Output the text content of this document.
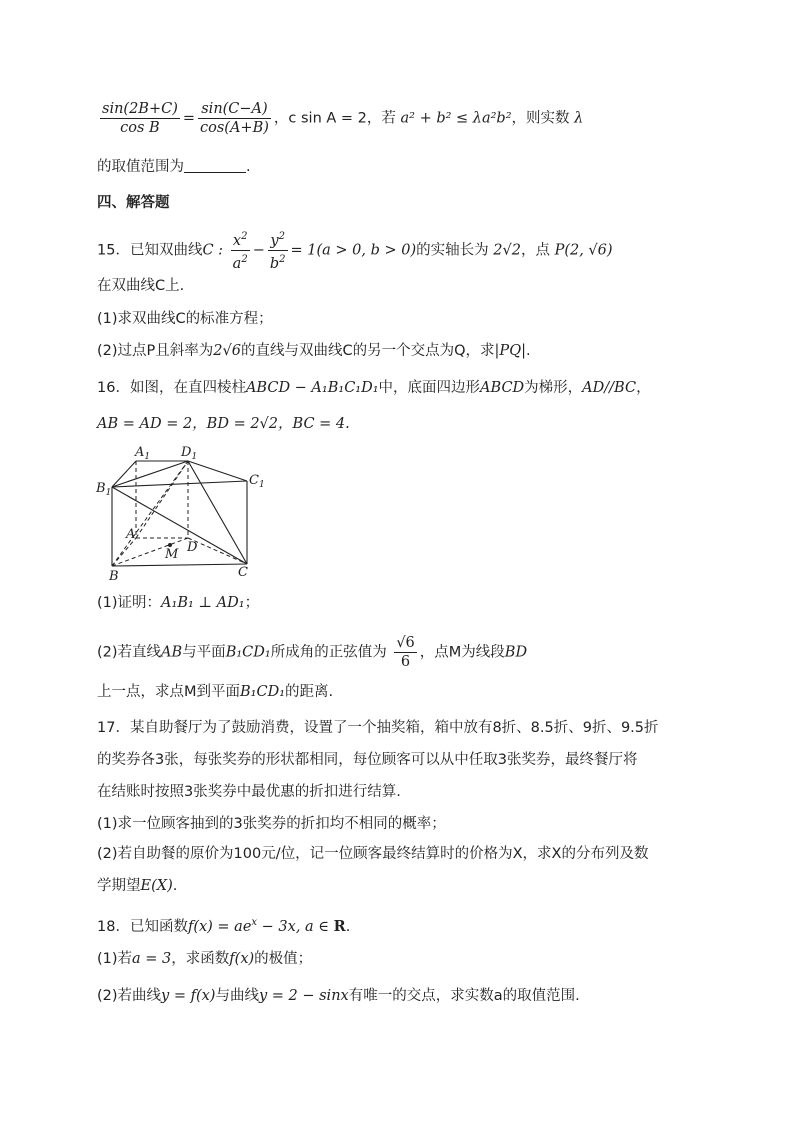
$\frac{\sin(2B+C)}{\text{cos B}} = \frac{\sin(C-A)}{\cos(A+B)}$ ，c sin A = 2，若 a² + b² ≤ λa²b²，则实数 λ
的取值范围为	.
四、解答题
15．已知双曲线C : $\frac{x^2}{a^2} - \frac{y^2}{b^2} = 1(a > 0$, b > 0)的实轴长为 2√2，点 P(2, √6)
在双曲线C上.
(1)求双曲线C的标准方程；
(2)过点P且斜率为2√6的直线与双曲线C的另一个交点为Q，求|PQ|.
16．如图，在直四棱柱ABCD − A₁B₁C₁D₁中，底面四边形ABCD为梯形，AD//BC，
AB = AD = 2，BD = 2√2，BC = 4.
$A_1$ $D_1$
$B_1$
$C_1$
A
D
M
B	C
(1)证明：A₁B₁ ⊥ AD₁；
(2)若直线AB与平面B₁CD₁所成角的正弦值为 $\frac{√6}{6}$ ，点M为线段BD
上一点，求点M到平面B₁CD₁的距离.
17．某自助餐厅为了鼓励消费，设置了一个抽奖箱，箱中放有8折、8.5折、9折、9.5折
的奖券各3张，每张奖券的形状都相同，每位顾客可以从中任取3张奖券，最终餐厅将
在结账时按照3张奖券中最优惠的折扣进行结算.
(1)求一位顾客抽到的3张奖券的折扣均不相同的概率；
(2)若自助餐的原价为100元/位，记一位顾客最终结算时的价格为X，求X的分布列及数
学期望E(X).
18．已知函数$f(x) = ae^x - 3x$, a ∈ R.
(1)若a = 3，求函数f(x)的极值；
(2)若曲线y = f(x)与曲线y = 2 − sinx有唯一的交点，求实数a的取值范围.
